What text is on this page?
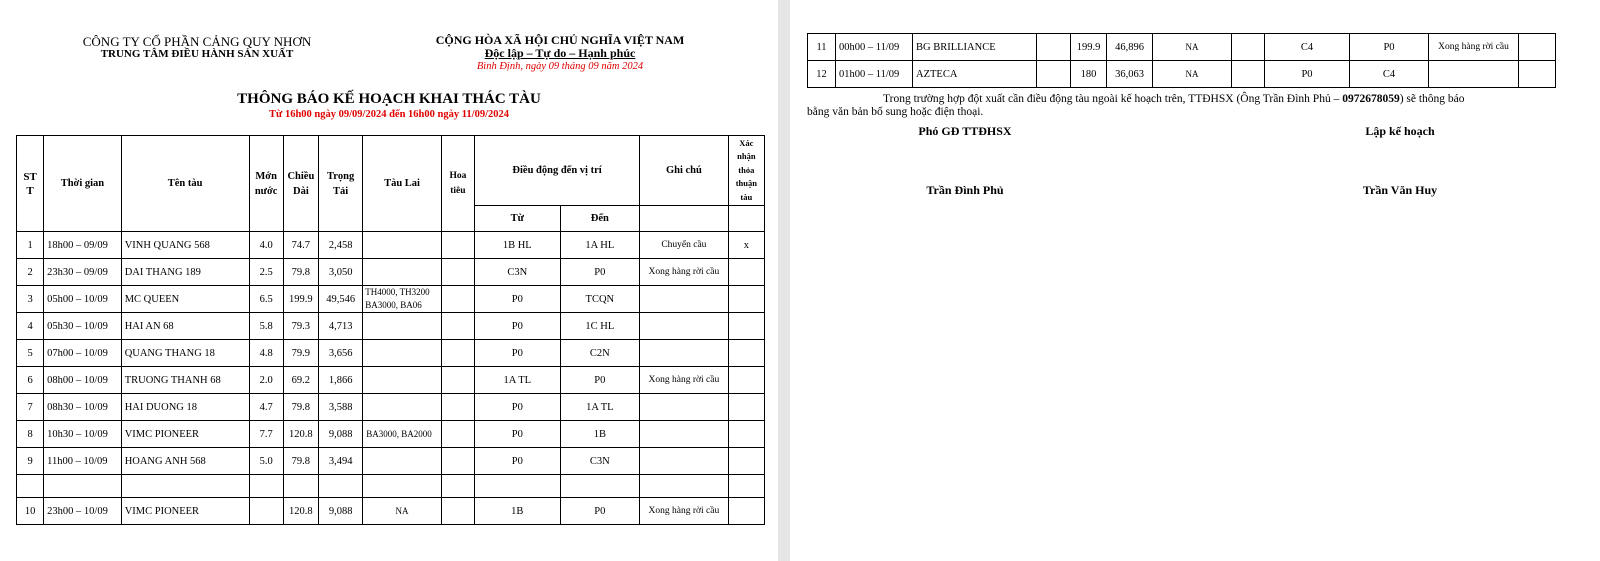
CÔNG TY CỔ PHẦN CẢNG QUY NHƠN
TRUNG TÂM ĐIỀU HÀNH SẢN XUẤT
CỘNG HÒA XÃ HỘI CHỦ NGHĨA VIỆT NAM
Độc lập – Tự do – Hạnh phúc
Bình Định, ngày 09 tháng 09 năm 2024
THÔNG BÁO KẾ HOẠCH KHAI THÁC TÀU
Từ 16h00 ngày 09/09/2024 đến 16h00 ngày 11/09/2024
ST T	Thời gian	Tên tàu	Mớn nước	Chiều Dài	Trọng Tải	Tàu Lai	Hoa tiêu	Điều động đến vị trí		Ghi chú	Xác nhận thỏa thuận tàu
								Từ	Đến		
1	18h00 – 09/09	VINH QUANG 568	4.0	74.7	2,458			1B HL	1A HL	Chuyển cầu	x
2	23h30 – 09/09	DAI THANG 189	2.5	79.8	3,050			C3N	P0	Xong hàng rời cầu	
3	05h00 – 10/09	MC QUEEN	6.5	199.9	49,546	TH4000, TH3200 BA3000, BA06		P0	TCQN		
4	05h30 – 10/09	HAI AN 68	5.8	79.3	4,713			P0	1C HL		
5	07h00 – 10/09	QUANG THANG 18	4.8	79.9	3,656			P0	C2N		
6	08h00 – 10/09	TRUONG THANH 68	2.0	69.2	1,866			1A TL	P0	Xong hàng rời cầu	
7	08h30 – 10/09	HAI DUONG 18	4.7	79.8	3,588			P0	1A TL		
8	10h30 – 10/09	VIMC PIONEER	7.7	120.8	9,088	BA3000, BA2000		P0	1B		
9	11h00 – 10/09	HOANG ANH 568	5.0	79.8	3,494			P0	C3N		

10	23h00 – 10/09	VIMC PIONEER		120.8	9,088	NA		1B	P0	Xong hàng rời cầu	
11	00h00 – 11/09	BG BRILLIANCE		199.9	46,896	NA		C4	P0	Xong hàng rời cầu	
12	01h00 – 11/09	AZTECA		180	36,063	NA		P0	C4		
Trong trường hợp đột xuất cần điều động tàu ngoài kế hoạch trên, TTĐHSX (Ông Trần Đình Phủ – 0972678059) sẽ thông báo
bằng văn bản bổ sung hoặc điện thoại.
Phó GĐ TTĐHSX	Lập kế hoạch
Trần Đình Phủ	Trần Văn Huy
